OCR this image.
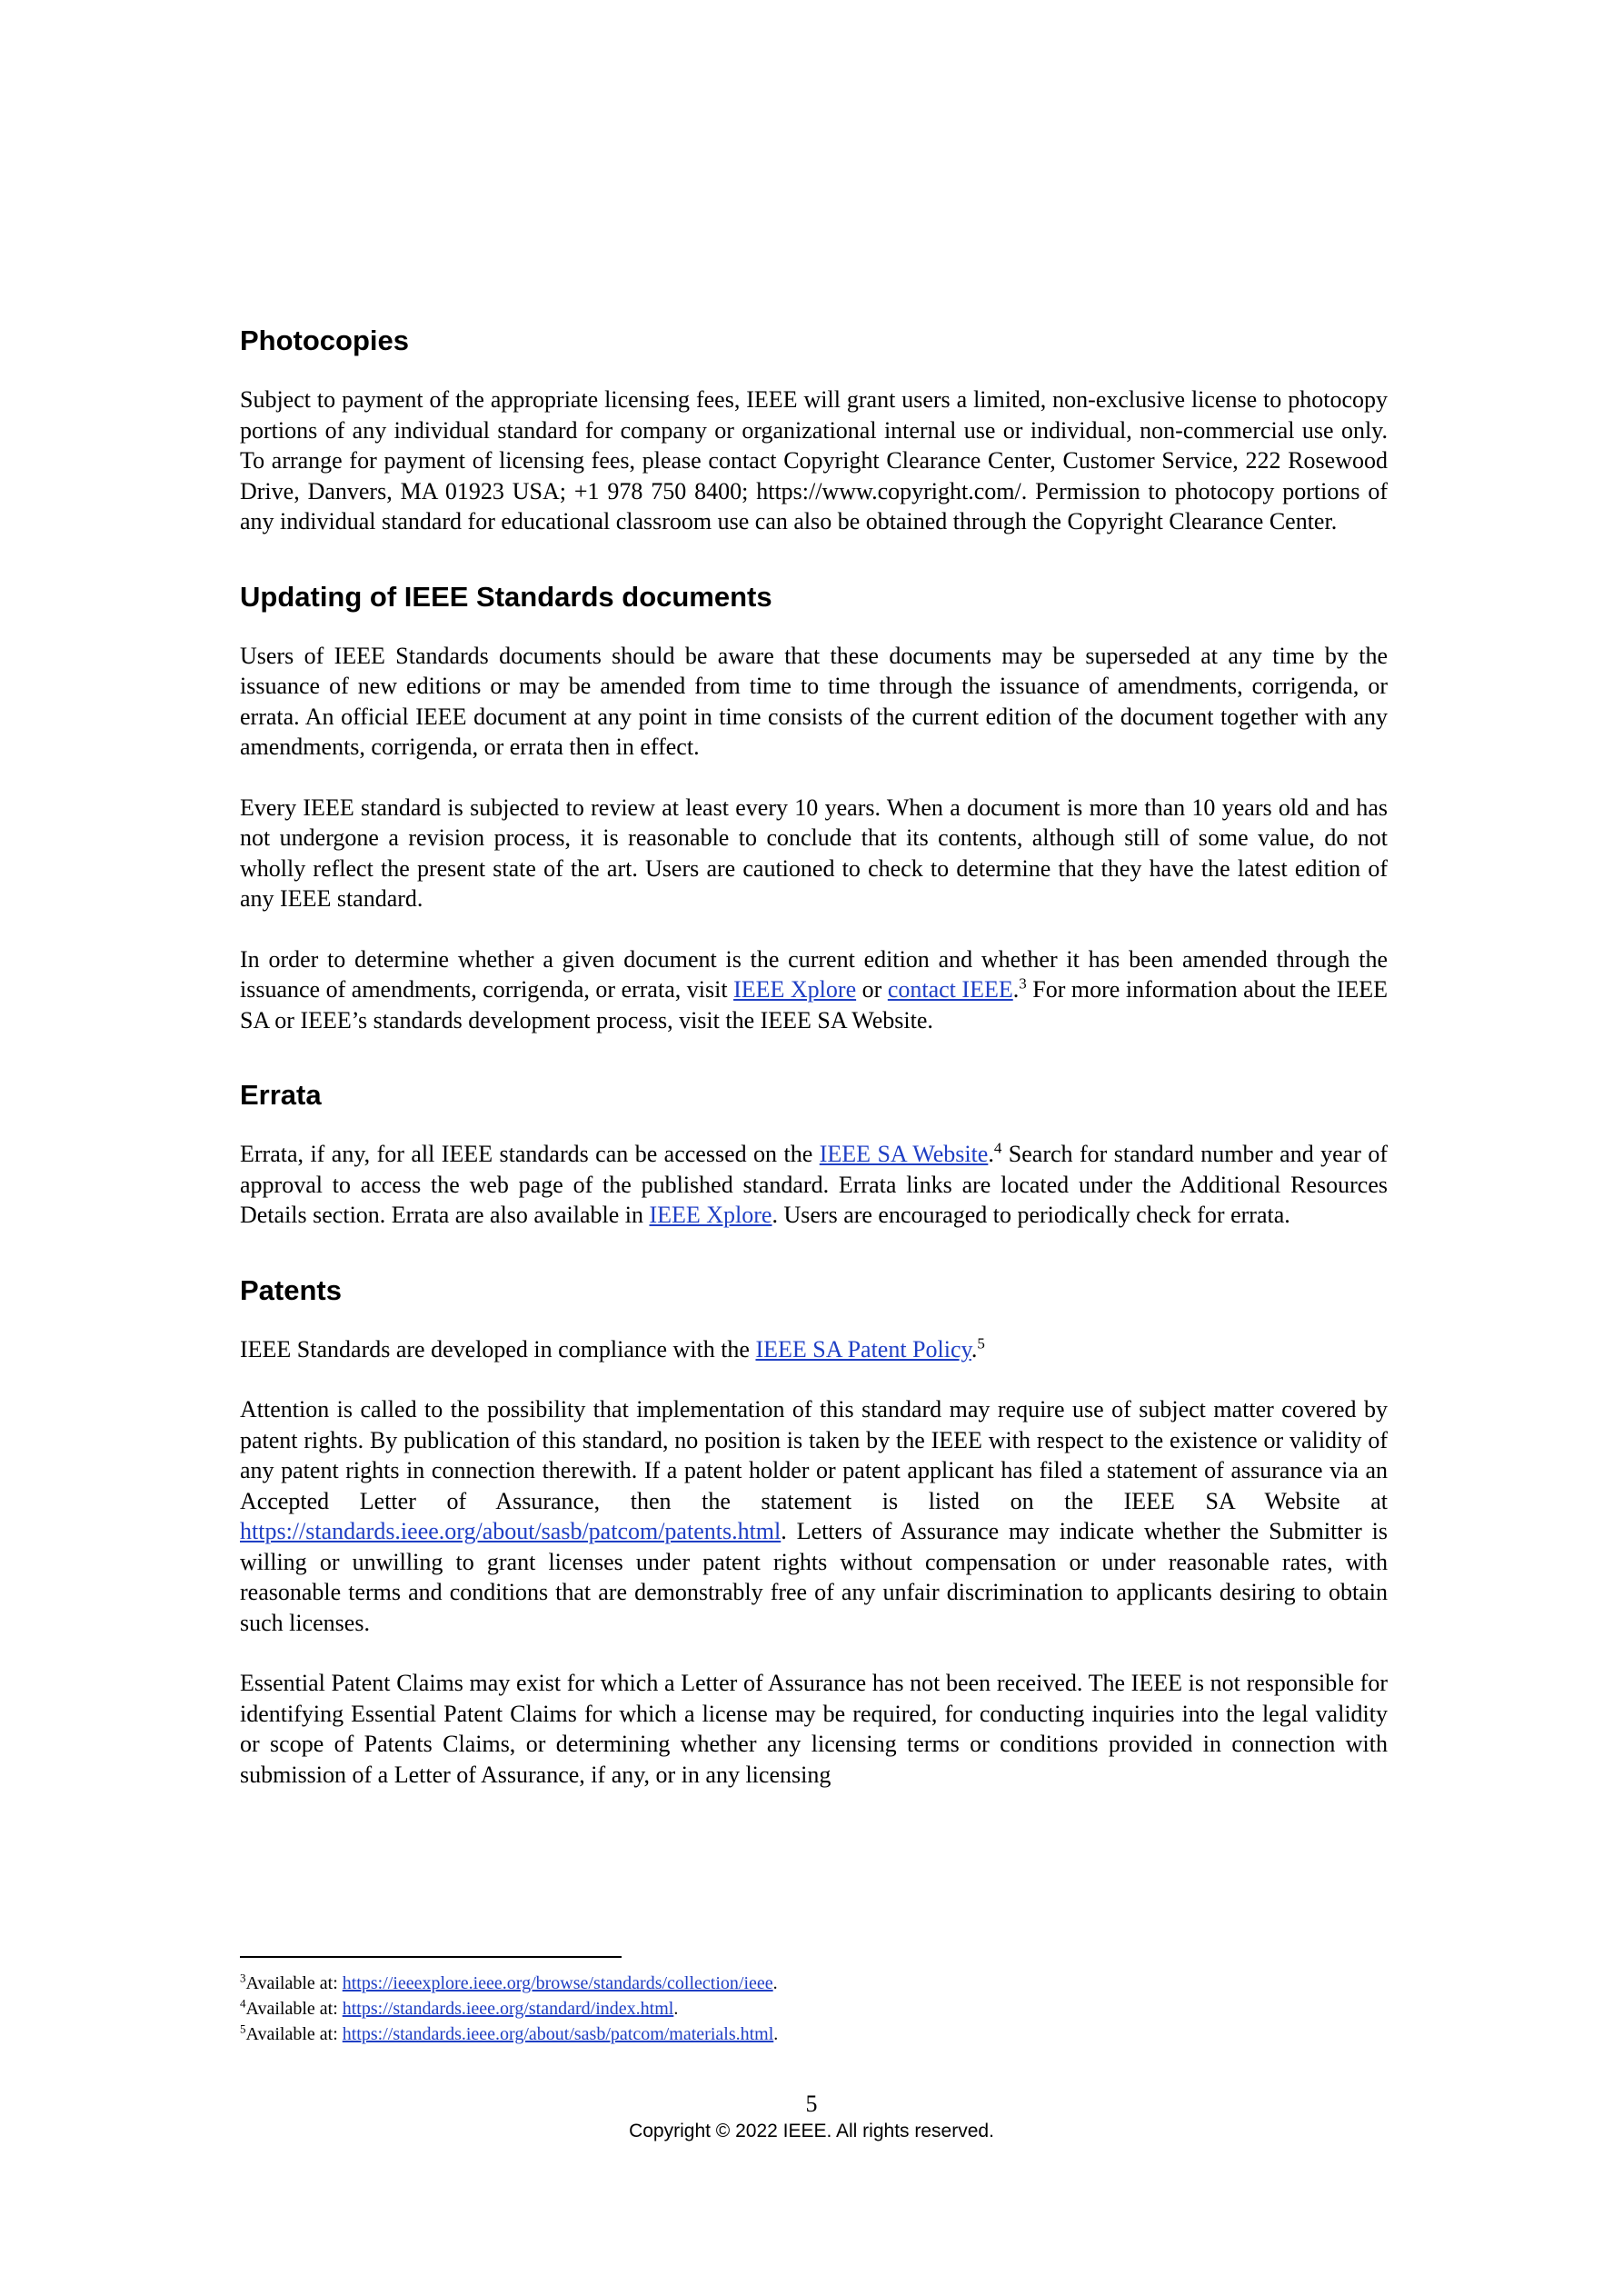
Photocopies

Subject to payment of the appropriate licensing fees, IEEE will grant users a limited, non-exclusive license to photocopy portions of any individual standard for company or organizational internal use or individual, non-commercial use only. To arrange for payment of licensing fees, please contact Copyright Clearance Center, Customer Service, 222 Rosewood Drive, Danvers, MA 01923 USA; +1 978 750 8400; https://www.copyright.com/. Permission to photocopy portions of any individual standard for educational classroom use can also be obtained through the Copyright Clearance Center.

Updating of IEEE Standards documents

Users of IEEE Standards documents should be aware that these documents may be superseded at any time by the issuance of new editions or may be amended from time to time through the issuance of amendments, corrigenda, or errata. An official IEEE document at any point in time consists of the current edition of the document together with any amendments, corrigenda, or errata then in effect.

Every IEEE standard is subjected to review at least every 10 years. When a document is more than 10 years old and has not undergone a revision process, it is reasonable to conclude that its contents, although still of some value, do not wholly reflect the present state of the art. Users are cautioned to check to determine that they have the latest edition of any IEEE standard.

In order to determine whether a given document is the current edition and whether it has been amended through the issuance of amendments, corrigenda, or errata, visit IEEE Xplore or contact IEEE.$^3$ For more information about the IEEE SA or IEEE’s standards development process, visit the IEEE SA Website.

Errata

Errata, if any, for all IEEE standards can be accessed on the IEEE SA Website.$^4$ Search for standard number and year of approval to access the web page of the published standard. Errata links are located under the Additional Resources Details section. Errata are also available in IEEE Xplore. Users are encouraged to periodically check for errata.

Patents

IEEE Standards are developed in compliance with the IEEE SA Patent Policy.$^5$

Attention is called to the possibility that implementation of this standard may require use of subject matter covered by patent rights. By publication of this standard, no position is taken by the IEEE with respect to the existence or validity of any patent rights in connection therewith. If a patent holder or patent applicant has filed a statement of assurance via an Accepted Letter of Assurance, then the statement is listed on the IEEE SA Website at https://standards.ieee.org/about/sasb/patcom/patents.html. Letters of Assurance may indicate whether the Submitter is willing or unwilling to grant licenses under patent rights without compensation or under reasonable rates, with reasonable terms and conditions that are demonstrably free of any unfair discrimination to applicants desiring to obtain such licenses.

Essential Patent Claims may exist for which a Letter of Assurance has not been received. The IEEE is not responsible for identifying Essential Patent Claims for which a license may be required, for conducting inquiries into the legal validity or scope of Patents Claims, or determining whether any licensing terms or conditions provided in connection with submission of a Letter of Assurance, if any, or in any licensing

$^3$Available at: https://ieeexplore.ieee.org/browse/standards/collection/ieee.
$^4$Available at: https://standards.ieee.org/standard/index.html.
$^5$Available at: https://standards.ieee.org/about/sasb/patcom/materials.html.
5
Copyright © 2022 IEEE. All rights reserved.
